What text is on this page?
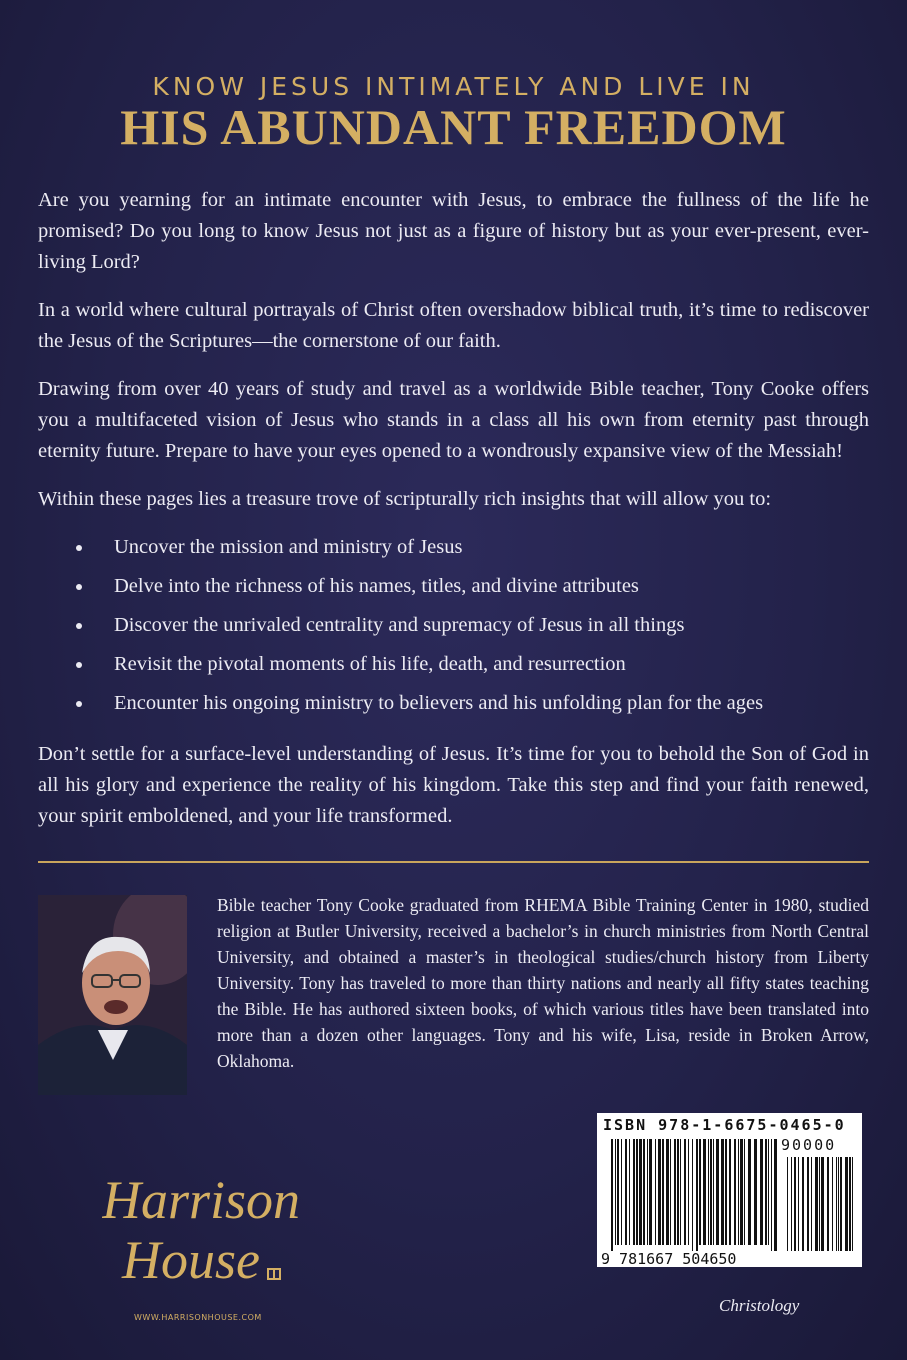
KNOW JESUS INTIMATELY AND LIVE IN
HIS ABUNDANT FREEDOM

Are you yearning for an intimate encounter with Jesus, to embrace the fullness of the life he promised? Do you long to know Jesus not just as a figure of history but as your ever-present, ever-living Lord?

In a world where cultural portrayals of Christ often overshadow biblical truth, it’s time to rediscover the Jesus of the Scriptures—the cornerstone of our faith.

Drawing from over 40 years of study and travel as a worldwide Bible teacher, Tony Cooke offers you a multifaceted vision of Jesus who stands in a class all his own from eternity past through eternity future. Prepare to have your eyes opened to a wondrously expansive view of the Messiah!

Within these pages lies a treasure trove of scripturally rich insights that will allow you to:

Uncover the mission and ministry of Jesus
Delve into the richness of his names, titles, and divine attributes
Discover the unrivaled centrality and supremacy of Jesus in all things
Revisit the pivotal moments of his life, death, and resurrection
Encounter his ongoing ministry to believers and his unfolding plan for the ages

Don’t settle for a surface-level understanding of Jesus. It’s time for you to behold the Son of God in all his glory and experience the reality of his kingdom. Take this step and find your faith renewed, your spirit emboldened, and your life transformed.

Bible teacher Tony Cooke graduated from RHEMA Bible Training Center in 1980, studied religion at Butler University, received a bachelor’s in church ministries from North Central University, and obtained a master’s in theological studies/church history from Liberty University. Tony has traveled to more than thirty nations and nearly all fifty states teaching the Bible. He has authored sixteen books, of which various titles have been translated into more than a dozen other languages. Tony and his wife, Lisa, reside in Broken Arrow, Oklahoma.
ISBN 978-1-6675-0465-0
90000
9 781667 504650
Harrison
House
WWW.HARRISONHOUSE.COM
Christology
